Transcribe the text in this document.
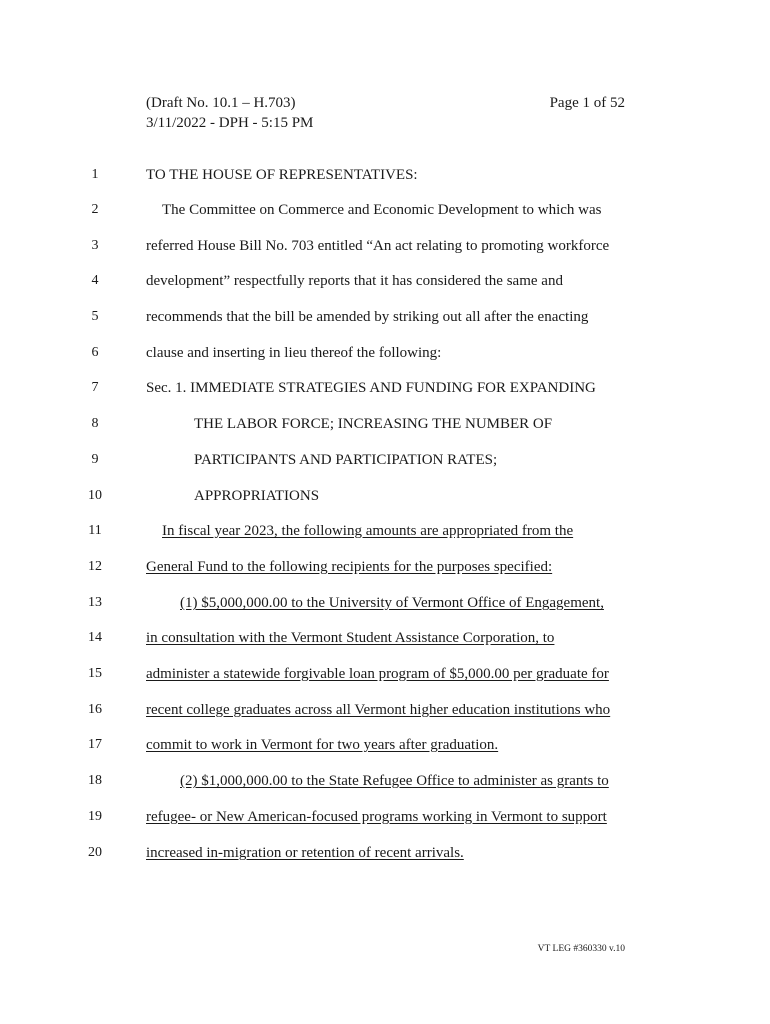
(Draft No. 10.1 – H.703)
3/11/2022 - DPH - 5:15 PM
Page 1 of 52
1	TO THE HOUSE OF REPRESENTATIVES:
2	The Committee on Commerce and Economic Development to which was
3	referred House Bill No. 703 entitled “An act relating to promoting workforce
4	development” respectfully reports that it has considered the same and
5	recommends that the bill be amended by striking out all after the enacting
6	clause and inserting in lieu thereof the following:
7	Sec. 1. IMMEDIATE STRATEGIES AND FUNDING FOR EXPANDING
8	THE LABOR FORCE; INCREASING THE NUMBER OF
9	PARTICIPANTS AND PARTICIPATION RATES;
10	APPROPRIATIONS
11	In fiscal year 2023, the following amounts are appropriated from the
12	General Fund to the following recipients for the purposes specified:
13	(1) $5,000,000.00 to the University of Vermont Office of Engagement,
14	in consultation with the Vermont Student Assistance Corporation, to
15	administer a statewide forgivable loan program of $5,000.00 per graduate for
16	recent college graduates across all Vermont higher education institutions who
17	commit to work in Vermont for two years after graduation.
18	(2) $1,000,000.00 to the State Refugee Office to administer as grants to
19	refugee- or New American-focused programs working in Vermont to support
20	increased in-migration or retention of recent arrivals.
VT LEG #360330 v.10
